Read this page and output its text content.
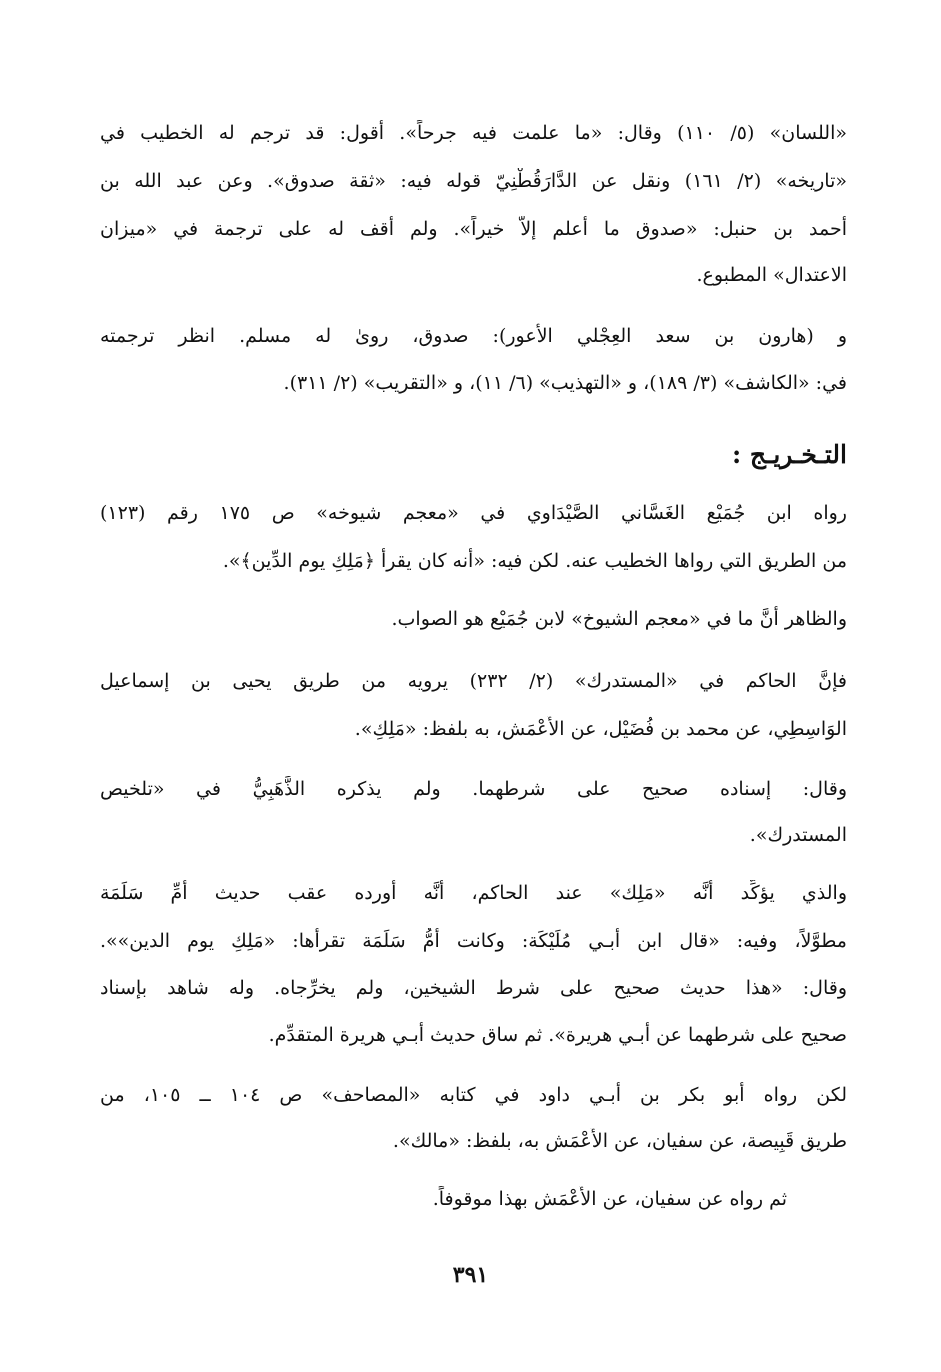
«اللسان» (٥/ ١١٠) وقال: «ما علمت فيه جرحاً». أقول: قد ترجم له الخطيب في
«تاريخه» (٢/ ١٦١) ونقل عن الدَّارَقُطْنِيّ قوله فيه: «ثقة صدوق». وعن عبد الله بن
أحمد بن حنبل: «صدوق ما أعلم إلاَّ خيراً». ولم أقف له على ترجمة في «ميزان
الاعتدال» المطبوع.
و (هارون بن سعد العِجْلي الأعور): صدوق، روىٰ له مسلم. انظر ترجمته
في: «الكاشف» (٣/ ١٨٩)، و «التهذيب» (٦/ ١١)، و «التقريب» (٢/ ٣١١).
التـخـريـج :
رواه ابن جُمَيْع الغَسَّاني الصَّيْدَاوي في «معجم شيوخه» ص ١٧٥ رقم (١٢٣)
من الطريق التي رواها الخطيب عنه. لكن فيه: «أنه كان يقرأ ﴿مَلِكِ يوم الدِّين﴾».
والظاهر أنَّ ما في «معجم الشيوخ» لابن جُمَيْع هو الصواب.
فإنَّ الحاكم في «المستدرك» (٢/ ٢٣٢) يرويه من طريق يحيى بن إسماعيل
الوَاسِطِي، عن محمد بن فُضَيْل، عن الأَعْمَش، به بلفظ: «مَلِكِ».
وقال: إسناده صحيح على شرطهما. ولم يذكره الذَّهَبِيُّ في «تلخيص
المستدرك».
والذي يؤكِّد أنَّه «مَلِك» عند الحاكم، أنَّه أورده عقب حديث أُمِّ سَلَمَة
مطوَّلاً، وفيه: «قال ابن أبـي مُلَيْكَة: وكانت أُمُّ سَلَمَة تقرأها: «مَلِكِ يوم الدين»».
وقال: «هذا حديث صحيح على شرط الشيخين، ولم يخرِّجاه. وله شاهد بإسناد
صحيح على شرطهما عن أبـي هريرة». ثم ساق حديث أبـي هريرة المتقدِّم.
لكن رواه أبو بكر بن أبـي داود في كتابه «المصاحف» ص ١٠٤ ــ ١٠٥، من
طريق قَبِيصة، عن سفيان، عن الأَعْمَش به، بلفظ: «مالك».
ثم رواه عن سفيان، عن الأَعْمَش بهذا موقوفاً.
٣٩١
